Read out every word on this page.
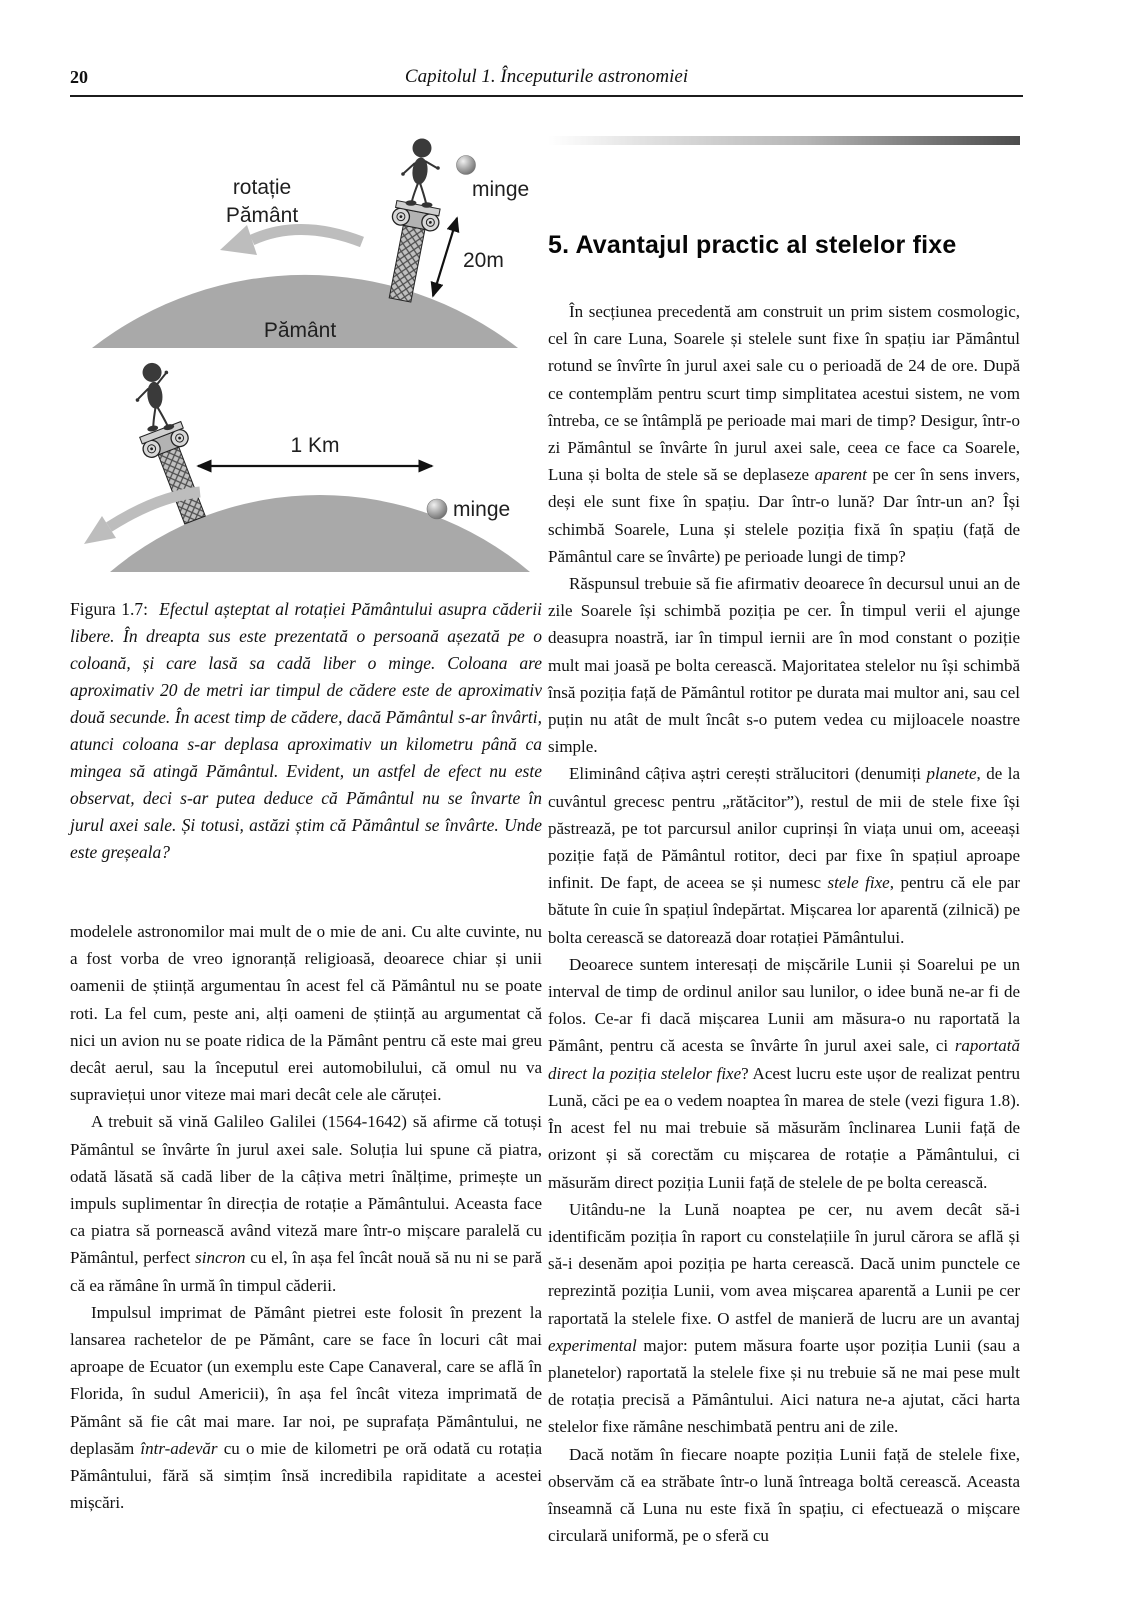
20	Capitolul 1. Începuturile astronomiei
Pământ
rotație
Pământ
minge
20m
1 Km
minge

Figura 1.7:  Efectul așteptat al rotației Pământului asupra căderii libere. În dreapta sus este prezentată o persoană așezată pe o coloană, și care lasă sa cadă liber o minge. Coloana are aproximativ 20 de metri iar timpul de cădere este de aproximativ două secunde. În acest timp de cădere, dacă Pământul s-ar învârti, atunci coloana s-ar deplasa aproximativ un kilometru până ca mingea să atingă Pământul. Evident, un astfel de efect nu este observat, deci s-ar putea deduce că Pământul nu se învarte în jurul axei sale. Și totusi, astăzi știm că Pământul se învârte. Unde este greșeala?

modelele astronomilor mai mult de o mie de ani. Cu alte cuvinte, nu a fost vorba de vreo ignoranță religioasă, deoarece chiar și unii oamenii de știință argumentau în acest fel că Pământul nu se poate roti. La fel cum, peste ani, alți oameni de știință au argumentat că nici un avion nu se poate ridica de la Pământ pentru că este mai greu decât aerul, sau la începutul erei automobilului, că omul nu va supraviețui unor viteze mai mari decât cele ale căruței.

A trebuit să vină Galileo Galilei (1564-1642) să afirme că totuși Pământul se învârte în jurul axei sale. Soluția lui spune că piatra, odată lăsată să cadă liber de la câțiva metri înălțime, primește un impuls suplimentar în direcția de rotație a Pământului. Aceasta face ca piatra să pornească având viteză mare într-o mișcare paralelă cu Pământul, perfect sincron cu el, în așa fel încât nouă să nu ni se pară că ea rămâne în urmă în timpul căderii.

Impulsul imprimat de Pământ pietrei este folosit în prezent la lansarea rachetelor de pe Pământ, care se face în locuri cât mai aproape de Ecuator (un exemplu este Cape Canaveral, care se află în Florida, în sudul Americii), în așa fel încât viteza imprimată de Pământ să fie cât mai mare. Iar noi, pe suprafața Pământului, ne deplasăm într-adevăr cu o mie de kilometri pe oră odată cu rotația Pământului, fără să simțim însă incredibila rapiditate a acestei mișcări.

5. Avantajul practic al stelelor fixe

În secțiunea precedentă am construit un prim sistem cosmologic, cel în care Luna, Soarele și stelele sunt fixe în spațiu iar Pământul rotund se învîrte în jurul axei sale cu o perioadă de 24 de ore. După ce contemplăm pentru scurt timp simplitatea acestui sistem, ne vom întreba, ce se întâmplă pe perioade mai mari de timp? Desigur, într-o zi Pământul se învârte în jurul axei sale, ceea ce face ca Soarele, Luna și bolta de stele să se deplaseze aparent pe cer în sens invers, deși ele sunt fixe în spațiu. Dar într-o lună? Dar într-un an? Își schimbă Soarele, Luna și stelele poziția fixă în spațiu (față de Pământul care se învârte) pe perioade lungi de timp?

Răspunsul trebuie să fie afirmativ deoarece în decursul unui an de zile Soarele își schimbă poziția pe cer. În timpul verii el ajunge deasupra noastră, iar în timpul iernii are în mod constant o poziție mult mai joasă pe bolta cerească. Majoritatea stelelor nu își schimbă însă poziția față de Pământul rotitor pe durata mai multor ani, sau cel puțin nu atât de mult încât s-o putem vedea cu mijloacele noastre simple.

Eliminând câțiva aștri cerești strălucitori (denumiți planete, de la cuvântul grecesc pentru „rătăcitor”), restul de mii de stele fixe își păstrează, pe tot parcursul anilor cuprinși în viața unui om, aceeași poziție față de Pământul rotitor, deci par fixe în spațiul aproape infinit. De fapt, de aceea se și numesc stele fixe, pentru că ele par bătute în cuie în spațiul îndepărtat. Mișcarea lor aparentă (zilnică) pe bolta cerească se datorează doar rotației Pământului.

Deoarece suntem interesați de mișcările Lunii și Soarelui pe un interval de timp de ordinul anilor sau lunilor, o idee bună ne-ar fi de folos. Ce-ar fi dacă mișcarea Lunii am măsura-o nu raportată la Pământ, pentru că acesta se învârte în jurul axei sale, ci raportată direct la poziția stelelor fixe? Acest lucru este ușor de realizat pentru Lună, căci pe ea o vedem noaptea în marea de stele (vezi figura 1.8). În acest fel nu mai trebuie să măsurăm înclinarea Lunii față de orizont și să corectăm cu mișcarea de rotație a Pământului, ci măsurăm direct poziția Lunii față de stelele de pe bolta cerească.

Uitându-ne la Lună noaptea pe cer, nu avem decât să-i identificăm poziția în raport cu constelațiile în jurul cărora se află și să-i desenăm apoi poziția pe harta cerească. Dacă unim punctele ce reprezintă poziția Lunii, vom avea mișcarea aparentă a Lunii pe cer raportată la stelele fixe. O astfel de manieră de lucru are un avantaj experimental major: putem măsura foarte ușor poziția Lunii (sau a planetelor) raportată la stelele fixe și nu trebuie să ne mai pese mult de rotația precisă a Pământului. Aici natura ne-a ajutat, căci harta stelelor fixe rămâne neschimbată pentru ani de zile.

Dacă notăm în fiecare noapte poziția Lunii față de stelele fixe, observăm că ea străbate într-o lună întreaga boltă cerească. Aceasta înseamnă că Luna nu este fixă în spațiu, ci efectuează o mișcare circulară uniformă, pe o sferă cu
